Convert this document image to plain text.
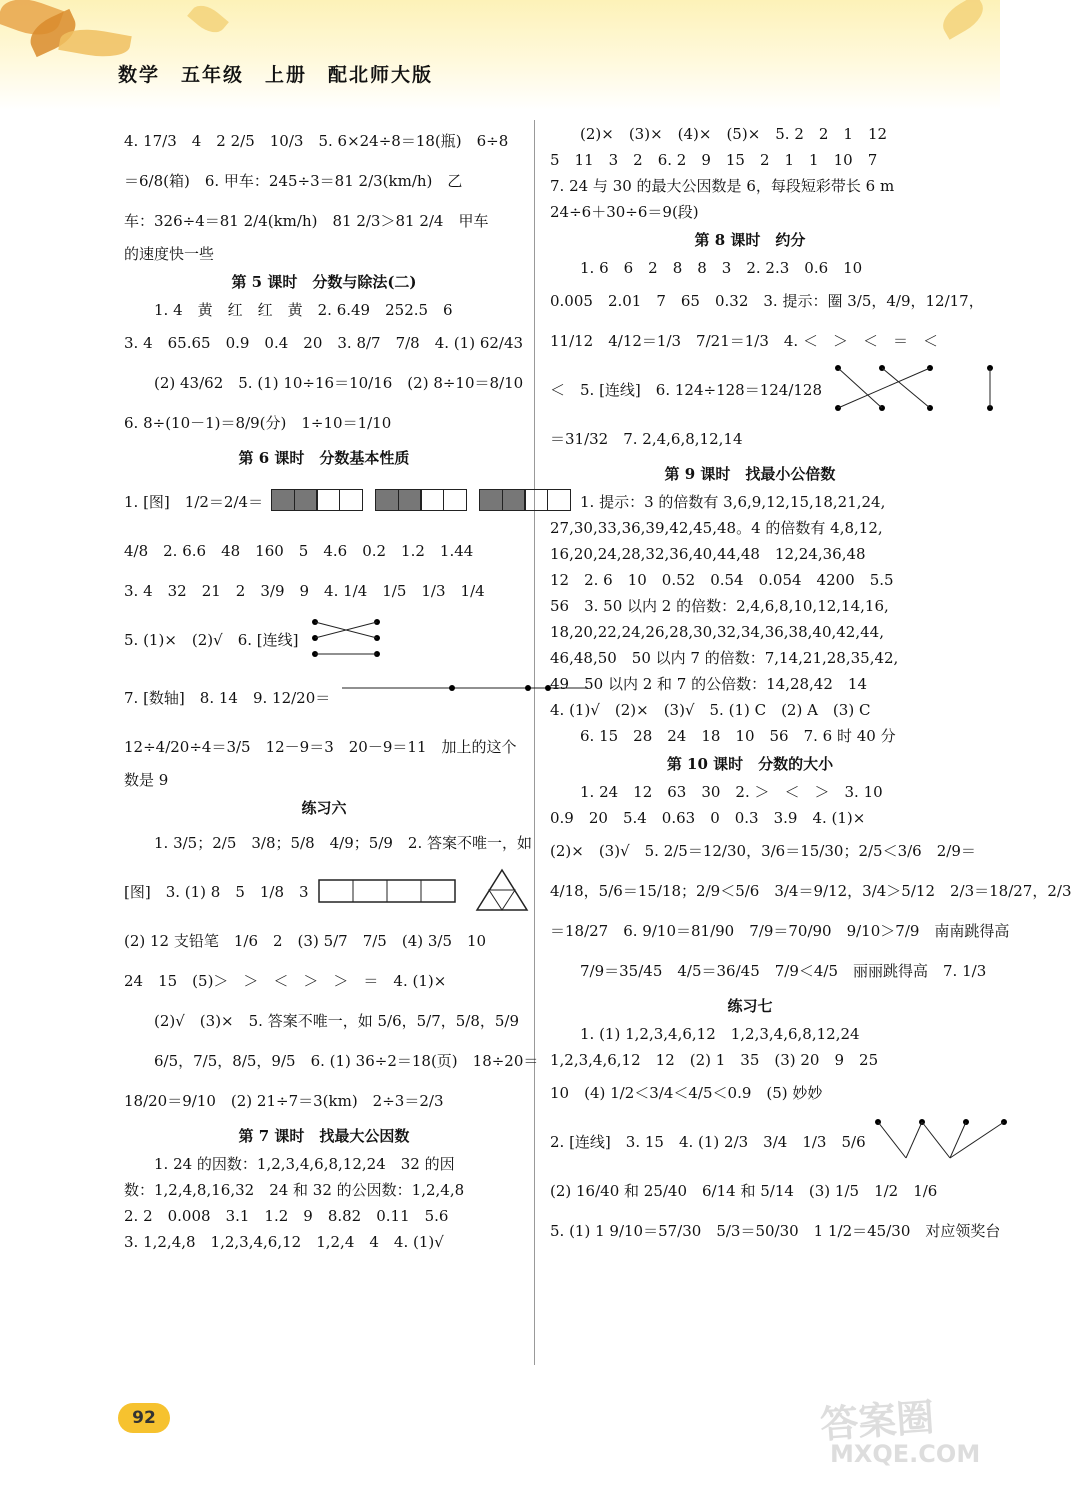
数学　五年级　上册　配北师大版
4. 17/3　4　2 2/5　10/3　5. 6×24÷8＝18(瓶)　6÷8
＝6/8(箱)　6. 甲车：245÷3＝81 2/3(km/h)　乙
车：326÷4＝81 2/4(km/h)　81 2/3＞81 2/4　甲车
的速度快一些
第 5 课时　分数与除法(二)
1. 4　黄　红　红　黄　2. 6.49　252.5　6
3. 4　65.65　0.9　0.4　20　3. 8/7　7/8　4. (1) 62/43
(2) 43/62　5. (1) 10÷16＝10/16　(2) 8÷10＝8/10
6. 8÷(10－1)＝8/9(分)　1÷10＝1/10
第 6 课时　分数基本性质
1. [图]　1/2＝2/4＝
4/8　2. 6.6　48　160　5　4.6　0.2　1.2　1.44
3. 4　32　21　2　3/9　9　4. 1/4　1/5　1/3　1/4
5. (1)×　(2)√　6. [连线]
7. [数轴]　8. 14　9. 12/20＝
12÷4/20÷4＝3/5　12－9＝3　20－9＝11　加上的这个
数是 9
练习六
1. 3/5；2/5　3/8；5/8　4/9；5/9　2. 答案不唯一，如
[图]　3. (1) 8　5　1/8　3
(2) 12 支铅笔　1/6　2　(3) 5/7　7/5　(4) 3/5　10
24　15　(5)＞　＞　＜　＞　＞　＝　4. (1)×
(2)√　(3)×　5. 答案不唯一，如 5/6，5/7，5/8，5/9
6/5，7/5，8/5，9/5　6. (1) 36÷2＝18(页)　18÷20＝
18/20＝9/10　(2) 21÷7＝3(km)　2÷3＝2/3
第 7 课时　找最大公因数
1. 24 的因数：1,2,3,4,6,8,12,24　32 的因
数：1,2,4,8,16,32　24 和 32 的公因数：1,2,4,8
2. 2　0.008　3.1　1.2　9　8.82　0.11　5.6
3. 1,2,4,8　1,2,3,4,6,12　1,2,4　4　4. (1)√
(2)×　(3)×　(4)×　(5)×　5. 2　2　1　12
5　11　3　2　6. 2　9　15　2　1　1　10　7
7. 24 与 30 的最大公因数是 6，每段短彩带长 6 m
24÷6＋30÷6＝9(段)
第 8 课时　约分
1. 6　6　2　8　8　3　2. 2.3　0.6　10
0.005　2.01　7　65　0.32　3. 提示：圈 3/5，4/9，12/17，
11/12　4/12＝1/3　7/21＝1/3　4. ＜　＞　＜　＝　＜
＜　5. [连线]　6. 124÷128＝124/128
＝31/32　7. 2,4,6,8,12,14
第 9 课时　找最小公倍数
1. 提示：3 的倍数有 3,6,9,12,15,18,21,24,
27,30,33,36,39,42,45,48。4 的倍数有 4,8,12,
16,20,24,28,32,36,40,44,48　12,24,36,48
12　2. 6　10　0.52　0.54　0.054　4200　5.5
56　3. 50 以内 2 的倍数：2,4,6,8,10,12,14,16,
18,20,22,24,26,28,30,32,34,36,38,40,42,44,
46,48,50　50 以内 7 的倍数：7,14,21,28,35,42,
49　50 以内 2 和 7 的公倍数：14,28,42　14
4. (1)√　(2)×　(3)√　5. (1) C　(2) A　(3) C
6. 15　28　24　18　10　56　7. 6 时 40 分
第 10 课时　分数的大小
1. 24　12　63　30　2. ＞　＜　＞　3. 10
0.9　20　5.4　0.63　0　0.3　3.9　4. (1)×
(2)×　(3)√　5. 2/5＝12/30，3/6＝15/30；2/5＜3/6　2/9＝
4/18，5/6＝15/18；2/9＜5/6　3/4＝9/12，3/4＞5/12　2/3＝18/27，2/3
＝18/27　6. 9/10＝81/90　7/9＝70/90　9/10＞7/9　南南跳得高
7/9＝35/45　4/5＝36/45　7/9＜4/5　丽丽跳得高　7. 1/3
练习七
1. (1) 1,2,3,4,6,12　1,2,3,4,6,8,12,24
1,2,3,4,6,12　12　(2) 1　35　(3) 20　9　25
10　(4) 1/2＜3/4＜4/5＜0.9　(5) 妙妙
2. [连线]　3. 15　4. (1) 2/3　3/4　1/3　5/6
(2) 16/40 和 25/40　6/14 和 5/14　(3) 1/5　1/2　1/6
5. (1) 1 9/10＝57/30　5/3＝50/30　1 1/2＝45/30　对应领奖台
92	答案圈
MXQE.COM
